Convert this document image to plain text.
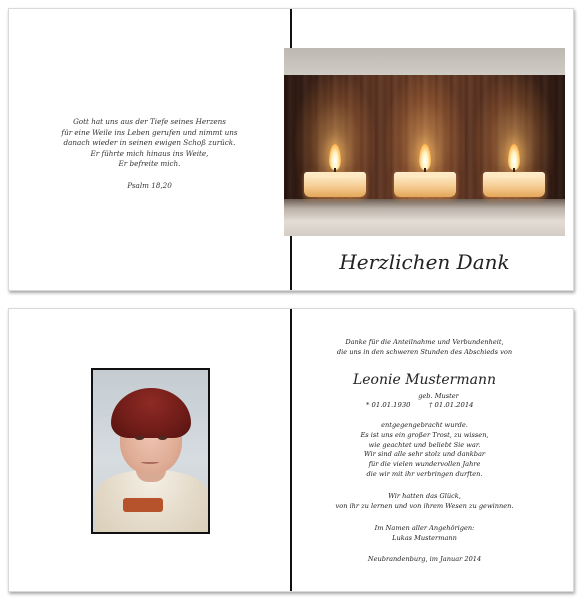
Gott hat uns aus der Tiefe seines Herzens
für eine Weile ins Leben gerufen und nimmt uns
danach wieder in seinen ewigen Schoß zurück.
Er führte mich hinaus ins Weite,
Er befreite mich.
Psalm 18,20
Herzlichen Dank
Danke für die Anteilnahme und Verbundenheit,
die uns in den schweren Stunden des Abschieds von
Leonie Mustermann
geb. Muster
* 01.01.1930	† 01.01.2014
entgegengebracht wurde.
Es ist uns ein großer Trost, zu wissen,
wie geachtet und beliebt Sie war.
Wir sind alle sehr stolz und dankbar
für die vielen wundervollen Jahre
die wir mit ihr verbringen durften.
Wir hatten das Glück,
von ihr zu lernen und von ihrem Wesen zu gewinnen.
Im Namen aller Angehörigen:
Lukas Mustermann
Neubrandenburg, im Januar 2014
